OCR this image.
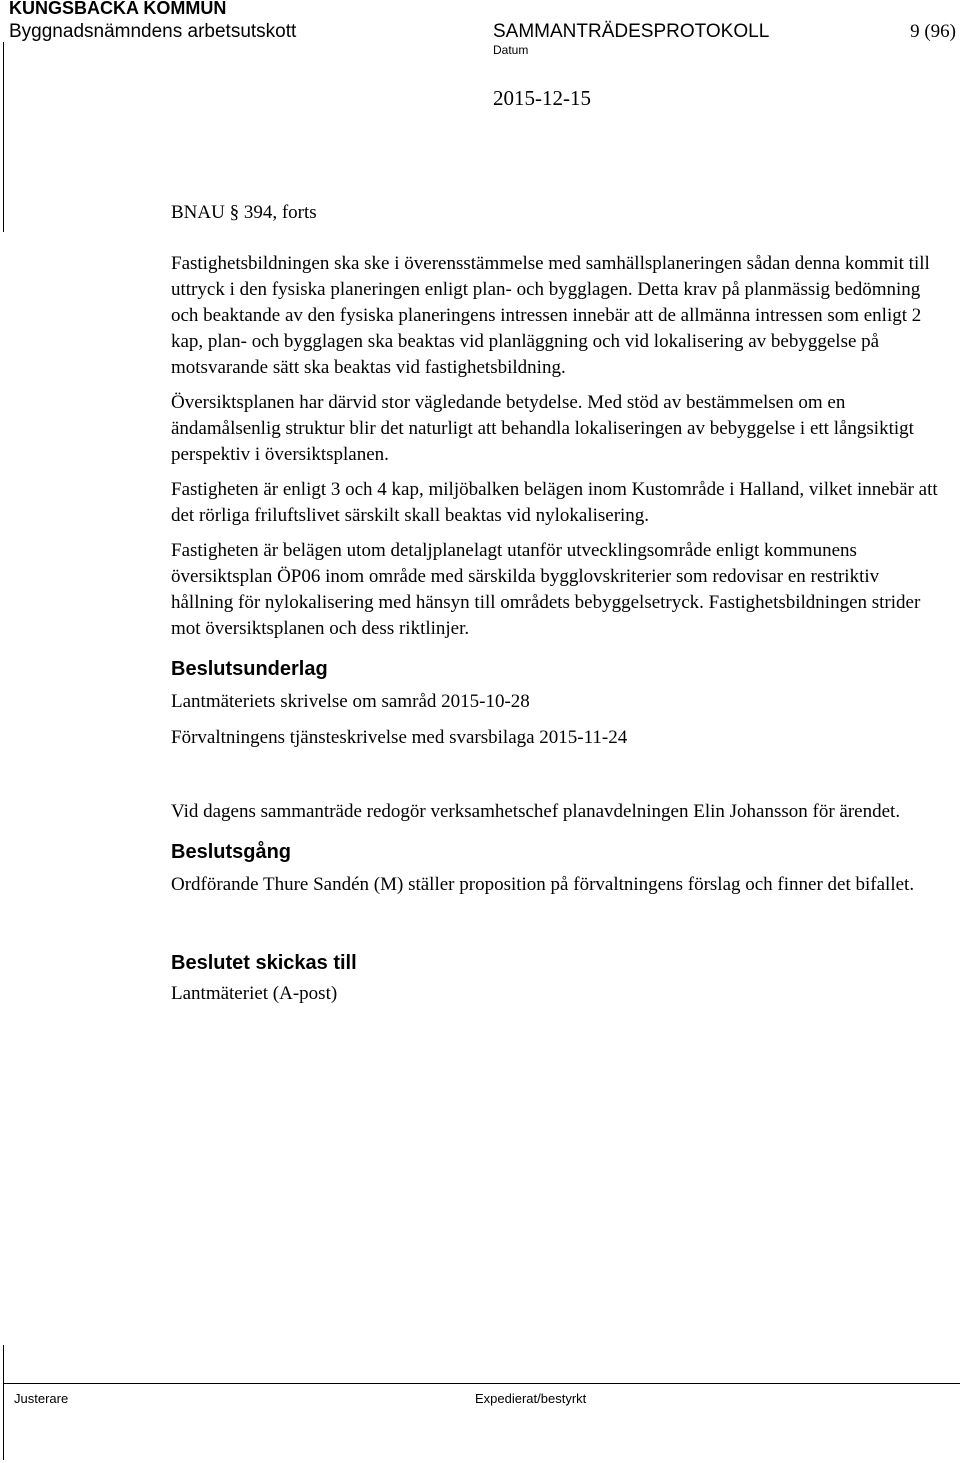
KUNGSBACKA KOMMUN
Byggnadsnämndens arbetsutskott	SAMMANTRÄDESPROTOKOLL	9 (96)
Datum
2015-12-15

BNAU § 394, forts

Fastighetsbildningen ska ske i överensstämmelse med samhällsplaneringen sådan denna kommit till uttryck i den fysiska planeringen enligt plan- och bygglagen. Detta krav på planmässig bedömning och beaktande av den fysiska planeringens intressen innebär att de allmänna intressen som enligt 2 kap, plan- och bygglagen ska beaktas vid planläggning och vid lokalisering av bebyggelse på motsvarande sätt ska beaktas vid fastighetsbildning.

Översiktsplanen har därvid stor vägledande betydelse. Med stöd av bestämmelsen om en ändamålsenlig struktur blir det naturligt att behandla lokaliseringen av bebyggelse i ett långsiktigt perspektiv i översiktsplanen.

Fastigheten är enligt 3 och 4 kap, miljöbalken belägen inom Kustområde i Halland, vilket innebär att det rörliga friluftslivet särskilt skall beaktas vid nylokalisering.

Fastigheten är belägen utom detaljplanelagt utanför utvecklingsområde enligt kommunens översiktsplan ÖP06 inom område med särskilda bygglovskriterier som redovisar en restriktiv hållning för nylokalisering med hänsyn till områdets bebyggelsetryck. Fastighetsbildningen strider mot översiktsplanen och dess riktlinjer.

Beslutsunderlag

Lantmäteriets skrivelse om samråd 2015-10-28

Förvaltningens tjänsteskrivelse med svarsbilaga 2015-11-24

Vid dagens sammanträde redogör verksamhetschef planavdelningen Elin Johansson för ärendet.

Beslutsgång

Ordförande Thure Sandén (M) ställer proposition på förvaltningens förslag och finner det bifallet.

Beslutet skickas till

Lantmäteriet (A-post)

Justerare	Expedierat/bestyrkt
